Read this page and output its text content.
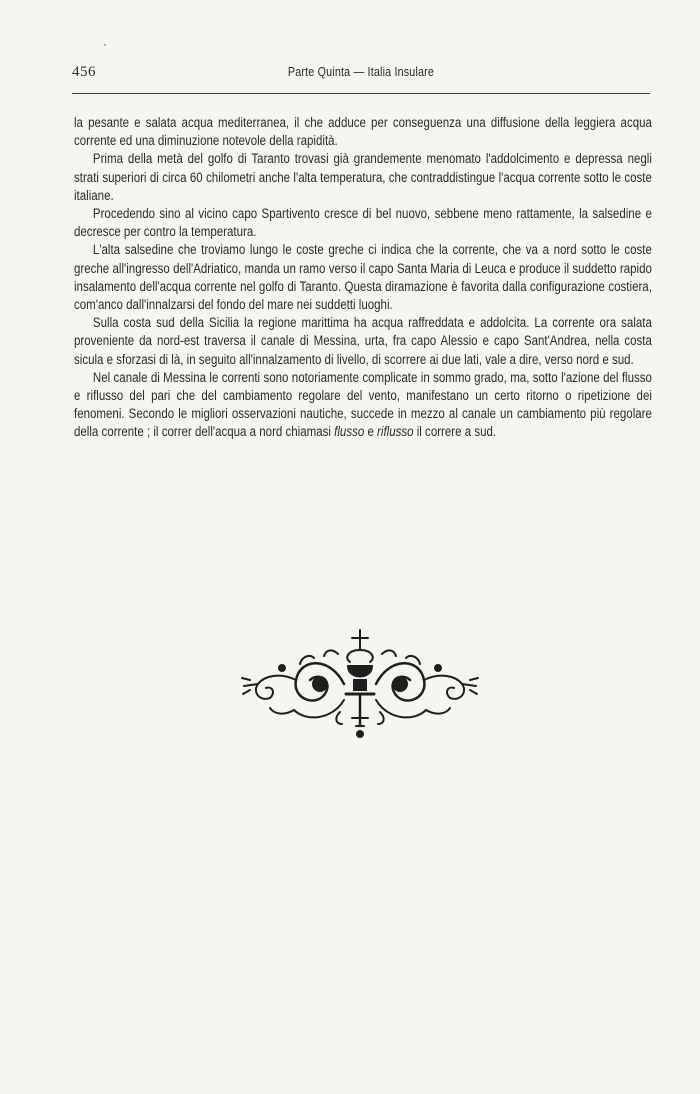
456	Parte Quinta — Italia Insulare

la pesante e salata acqua mediterranea, il che adduce per conseguenza una diffusione della leggiera acqua corrente ed una diminuzione notevole della rapidità.

Prima della metà del golfo di Taranto trovasi già grandemente menomato l'addolcimento e depressa negli strati superiori di circa 60 chilometri anche l'alta temperatura, che contraddistingue l'acqua corrente sotto le coste italiane.

Procedendo sino al vicino capo Spartivento cresce di bel nuovo, sebbene meno rattamente, la salsedine e decresce per contro la temperatura.

L'alta salsedine che troviamo lungo le coste greche ci indica che la corrente, che va a nord sotto le coste greche all'ingresso dell'Adriatico, manda un ramo verso il capo Santa Maria di Leuca e produce il suddetto rapido insalamento dell'acqua corrente nel golfo di Taranto. Questa diramazione è favorita dalla configurazione costiera, com'anco dall'innalzarsi del fondo del mare nei suddetti luoghi.

Sulla costa sud della Sicilia la regione marittima ha acqua raffreddata e addolcita. La corrente ora salata proveniente da nord-est traversa il canale di Messina, urta, fra capo Alessio e capo Sant'Andrea, nella costa sicula e sforzasi di là, in seguito all'innalzamento di livello, di scorrere ai due lati, vale a dire, verso nord e sud.

Nel canale di Messina le correnti sono notoriamente complicate in sommo grado, ma, sotto l'azione del flusso e riflusso del pari che del cambiamento regolare del vento, manifestano un certo ritorno o ripetizione dei fenomeni. Secondo le migliori osservazioni nautiche, succede in mezzo al canale un cambiamento più regolare della corrente ; il correr dell'acqua a nord chiamasi flusso e riflusso il correre a sud.
